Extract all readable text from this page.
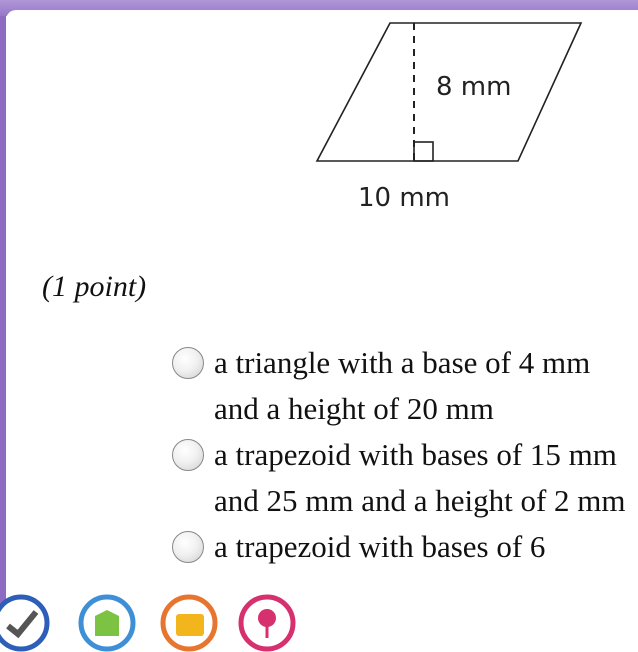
8 mm
10 mm
(1 point)
a triangle with a base of 4 mm and a height of 20 mm
a trapezoid with bases of 15 mm and 25 mm and a height of 2 mm
a trapezoid with bases of 6
